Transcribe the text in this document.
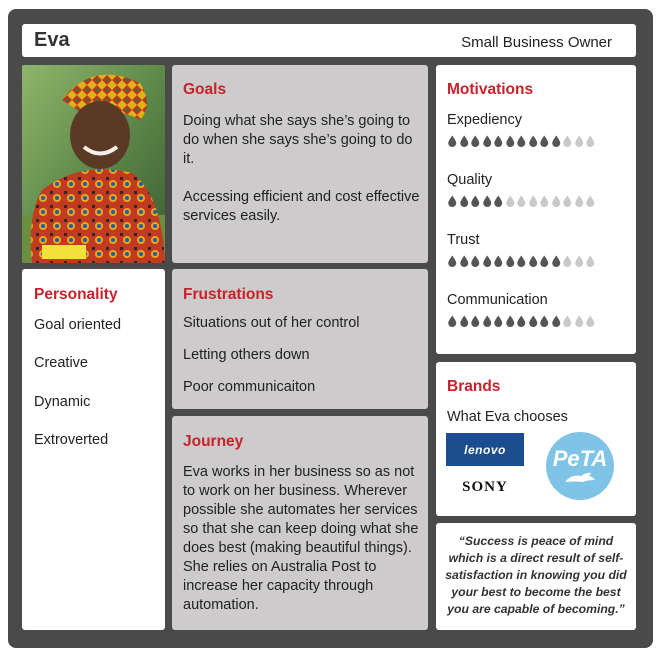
Eva	Small Business Owner
Goals
Doing what she says she’s going to do when she says she’s going to do it.
Accessing efficient and cost effective services easily.
Motivations
Expediency
Quality
Trust
Communication
Personality
Goal oriented
Creative
Dynamic
Extroverted
Frustrations
Situations out of her control
Letting others down
Poor communicaiton	Brands
What Eva chooses
lenovo
SONY
PeTA
Journey
Eva works in her business so as not to work on her business. Wherever possible she automates her services so that she can keep doing what she does best (making beautiful things). She relies on Australia Post to increase her capacity through automation.
“Success is peace of mind which is a direct result of self-satisfaction in knowing you did your best to become the best you are capable of becoming.”
